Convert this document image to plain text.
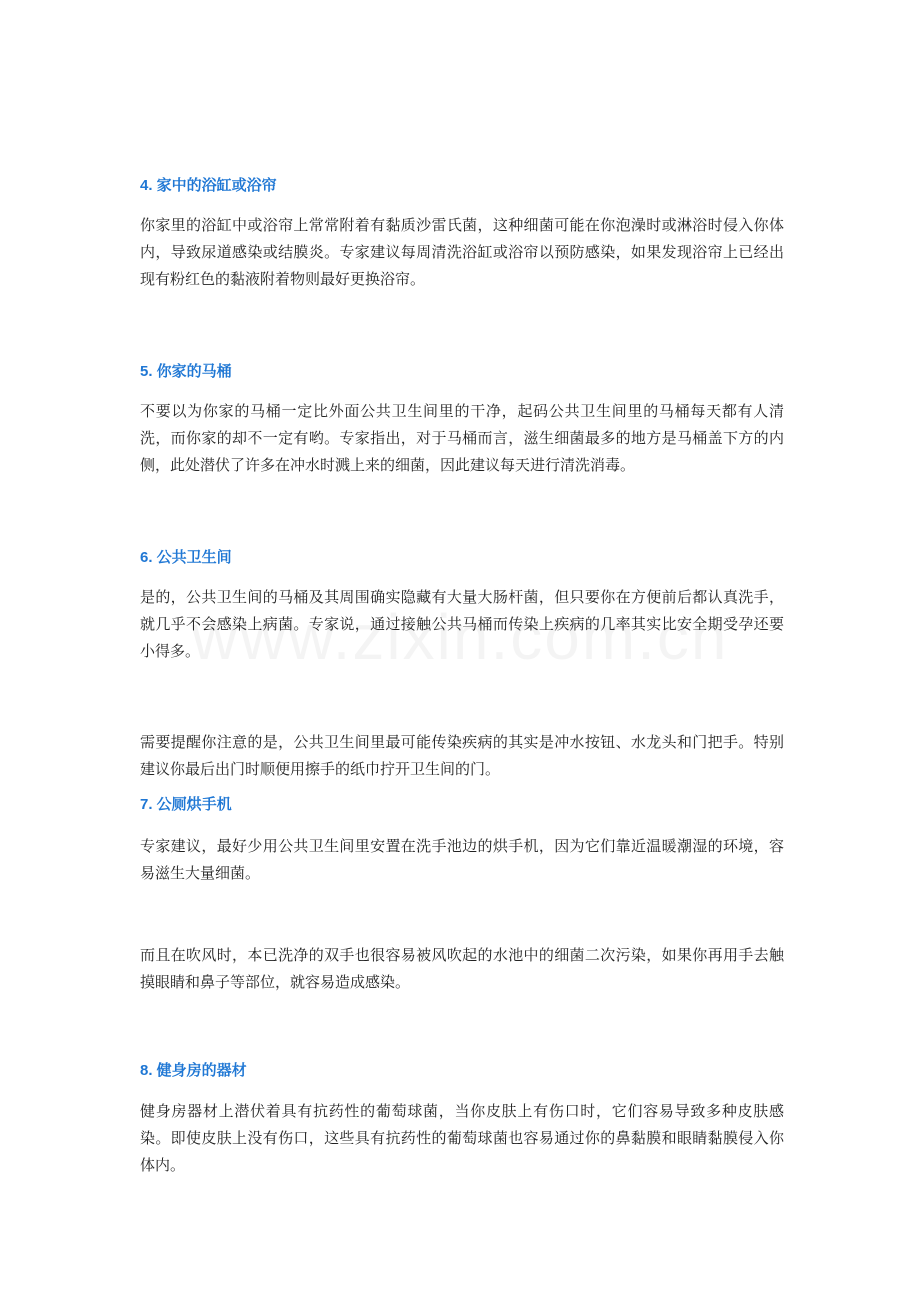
4. 家中的浴缸或浴帘

你家里的浴缸中或浴帘上常常附着有黏质沙雷氏菌，这种细菌可能在你泡澡时或淋浴时侵入你体内，导致尿道感染或结膜炎。专家建议每周清洗浴缸或浴帘以预防感染，如果发现浴帘上已经出现有粉红色的黏液附着物则最好更换浴帘。

5. 你家的马桶

不要以为你家的马桶一定比外面公共卫生间里的干净，起码公共卫生间里的马桶每天都有人清洗，而你家的却不一定有哟。专家指出，对于马桶而言，滋生细菌最多的地方是马桶盖下方的内侧，此处潜伏了许多在冲水时溅上来的细菌，因此建议每天进行清洗消毒。

6. 公共卫生间

是的，公共卫生间的马桶及其周围确实隐藏有大量大肠杆菌，但只要你在方便前后都认真洗手，就几乎不会感染上病菌。专家说，通过接触公共马桶而传染上疾病的几率其实比安全期受孕还要小得多。

需要提醒你注意的是，公共卫生间里最可能传染疾病的其实是冲水按钮、水龙头和门把手。特别建议你最后出门时顺便用擦手的纸巾拧开卫生间的门。

7. 公厕烘手机

专家建议，最好少用公共卫生间里安置在洗手池边的烘手机，因为它们靠近温暖潮湿的环境，容易滋生大量细菌。

而且在吹风时，本已洗净的双手也很容易被风吹起的水池中的细菌二次污染，如果你再用手去触摸眼睛和鼻子等部位，就容易造成感染。

8. 健身房的器材

健身房器材上潜伏着具有抗药性的葡萄球菌，当你皮肤上有伤口时，它们容易导致多种皮肤感染。即使皮肤上没有伤口，这些具有抗药性的葡萄球菌也容易通过你的鼻黏膜和眼睛黏膜侵入你体内。
